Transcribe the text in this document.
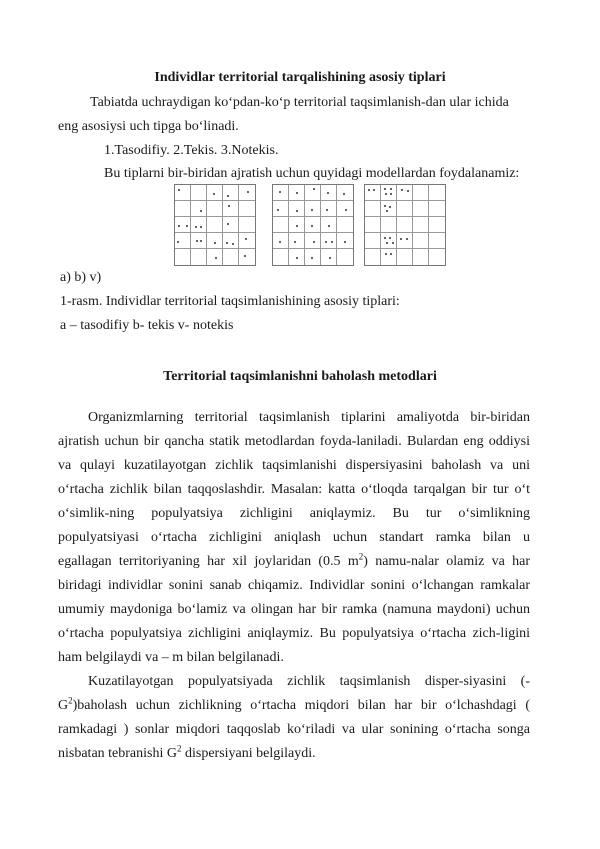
Individlar territorial tarqalishining asosiy tiplari
Tabiatda uchraydigan ko‘pdan-ko‘p territorial taqsimlanish-dan ular ichida
eng asosiysi uch tipga bo‘linadi.
1.Tasodifiy. 2.Tekis. 3.Notekis.
Bu tiplarni bir-biridan ajratish uchun quyidagi modellardan foydalanamiz:
a) b) v)
1-rasm. Individlar territorial taqsimlanishining asosiy tiplari:
a – tasodifiy b- tekis v- notekis
Territorial taqsimlanishni baholash metodlari
Organizmlarning territorial taqsimlanish tiplarini amaliyotda bir-biridan
ajratish uchun bir qancha statik metodlardan foyda-laniladi. Bulardan eng oddiysi
va qulayi kuzatilayotgan zichlik taqsimlanishi dispersiyasini baholash va uni
o‘rtacha zichlik bilan taqqoslashdir. Masalan: katta o‘tloqda tarqalgan bir tur o‘t
o‘simlik-ning populyatsiya zichligini aniqlaymiz. Bu tur o‘simlikning
populyatsiyasi o‘rtacha zichligini aniqlash uchun standart ramka bilan u
egallagan territoriyaning har xil joylaridan (0.5 $m^2$) namu-nalar olamiz va har
biridagi individlar sonini sanab chiqamiz. Individlar sonini o‘lchangan ramkalar
umumiy maydoniga bo‘lamiz va olingan har bir ramka (namuna maydoni) uchun
o‘rtacha populyatsiya zichligini aniqlaymiz. Bu populyatsiya o‘rtacha zich-ligini
ham belgilaydi va – m bilan belgilanadi.
Kuzatilayotgan populyatsiyada zichlik taqsimlanish disper-siyasini (-
$G^2)baholash$ uchun zichlikning o‘rtacha miqdori bilan har bir o‘lchashdagi (
ramkadagi ) sonlar miqdori taqqoslab ko‘riladi va ular sonining o‘rtacha songa
nisbatan tebranishi $G^2$ dispersiyani belgilaydi.
